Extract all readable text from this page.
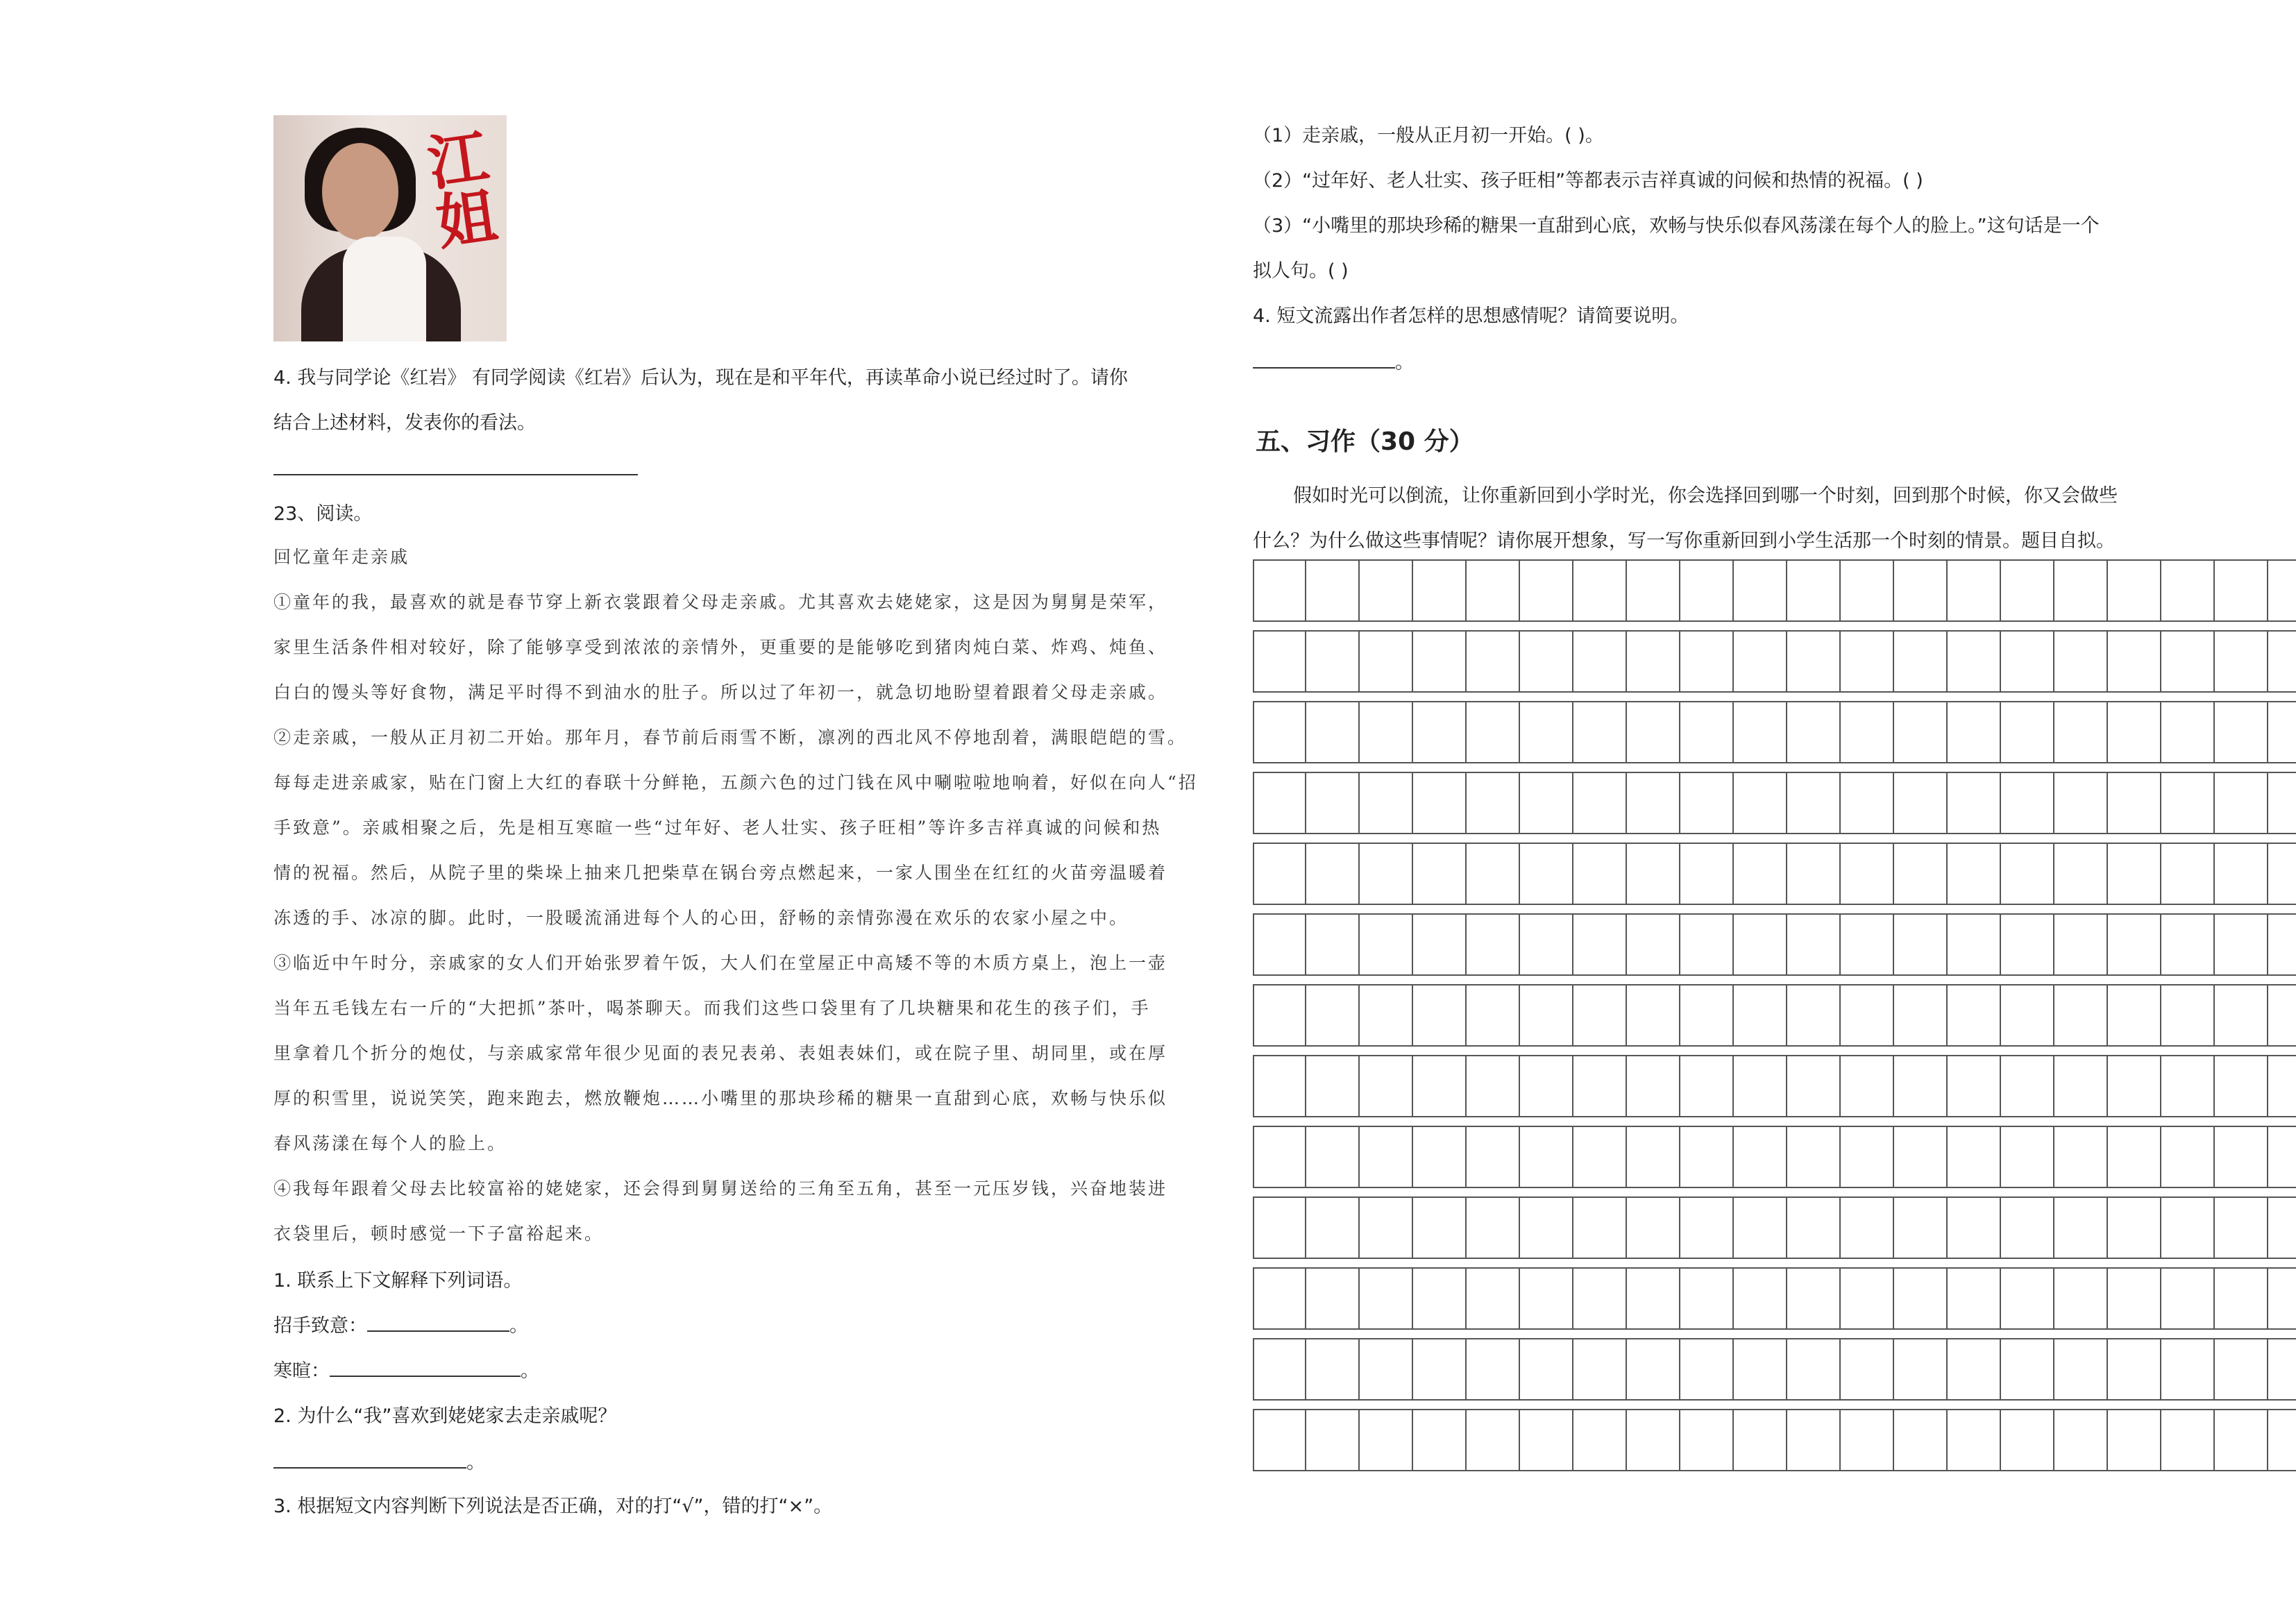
江姐
4. 我与同学论《红岩》 有同学阅读《红岩》后认为，现在是和平年代，再读革命小说已经过时了。请你
结合上述材料，发表你的看法。
23、阅读。
回忆童年走亲戚
①童年的我，最喜欢的就是春节穿上新衣裳跟着父母走亲戚。尤其喜欢去姥姥家，这是因为舅舅是荣军，
家里生活条件相对较好，除了能够享受到浓浓的亲情外，更重要的是能够吃到猪肉炖白菜、炸鸡、炖鱼、
白白的馒头等好食物，满足平时得不到油水的肚子。所以过了年初一，就急切地盼望着跟着父母走亲戚。
②走亲戚，一般从正月初二开始。那年月，春节前后雨雪不断，凛冽的西北风不停地刮着，满眼皑皑的雪。
每每走进亲戚家，贴在门窗上大红的春联十分鲜艳，五颜六色的过门钱在风中唰啦啦地响着，好似在向人“招
手致意”。亲戚相聚之后，先是相互寒暄一些“过年好、老人壮实、孩子旺相”等许多吉祥真诚的问候和热
情的祝福。然后，从院子里的柴垛上抽来几把柴草在锅台旁点燃起来，一家人围坐在红红的火苗旁温暖着
冻透的手、冰凉的脚。此时，一股暖流涌进每个人的心田，舒畅的亲情弥漫在欢乐的农家小屋之中。
③临近中午时分，亲戚家的女人们开始张罗着午饭，大人们在堂屋正中高矮不等的木质方桌上，泡上一壶
当年五毛钱左右一斤的“大把抓”茶叶，喝茶聊天。而我们这些口袋里有了几块糖果和花生的孩子们，手
里拿着几个折分的炮仗，与亲戚家常年很少见面的表兄表弟、表姐表妹们，或在院子里、胡同里，或在厚
厚的积雪里，说说笑笑，跑来跑去，燃放鞭炮……小嘴里的那块珍稀的糖果一直甜到心底，欢畅与快乐似
春风荡漾在每个人的脸上。
④我每年跟着父母去比较富裕的姥姥家，还会得到舅舅送给的三角至五角，甚至一元压岁钱，兴奋地装进
衣袋里后，顿时感觉一下子富裕起来。
1. 联系上下文解释下列词语。
招手致意：	。
寒暄：	。
2. 为什么“我”喜欢到姥姥家去走亲戚呢？
。
3. 根据短文内容判断下列说法是否正确，对的打“√”，错的打“×”。
（1）走亲戚，一般从正月初一开始。( )。
（2）“过年好、老人壮实、孩子旺相”等都表示吉祥真诚的问候和热情的祝福。( )
（3）“小嘴里的那块珍稀的糖果一直甜到心底，欢畅与快乐似春风荡漾在每个人的脸上。”这句话是一个
拟人句。( )
4. 短文流露出作者怎样的思想感情呢？请简要说明。
。
五、习作（30 分）
假如时光可以倒流，让你重新回到小学时光，你会选择回到哪一个时刻，回到那个时候，你又会做些
什么？为什么做这些事情呢？请你展开想象，写一写你重新回到小学生活那一个时刻的情景。题目自拟。
